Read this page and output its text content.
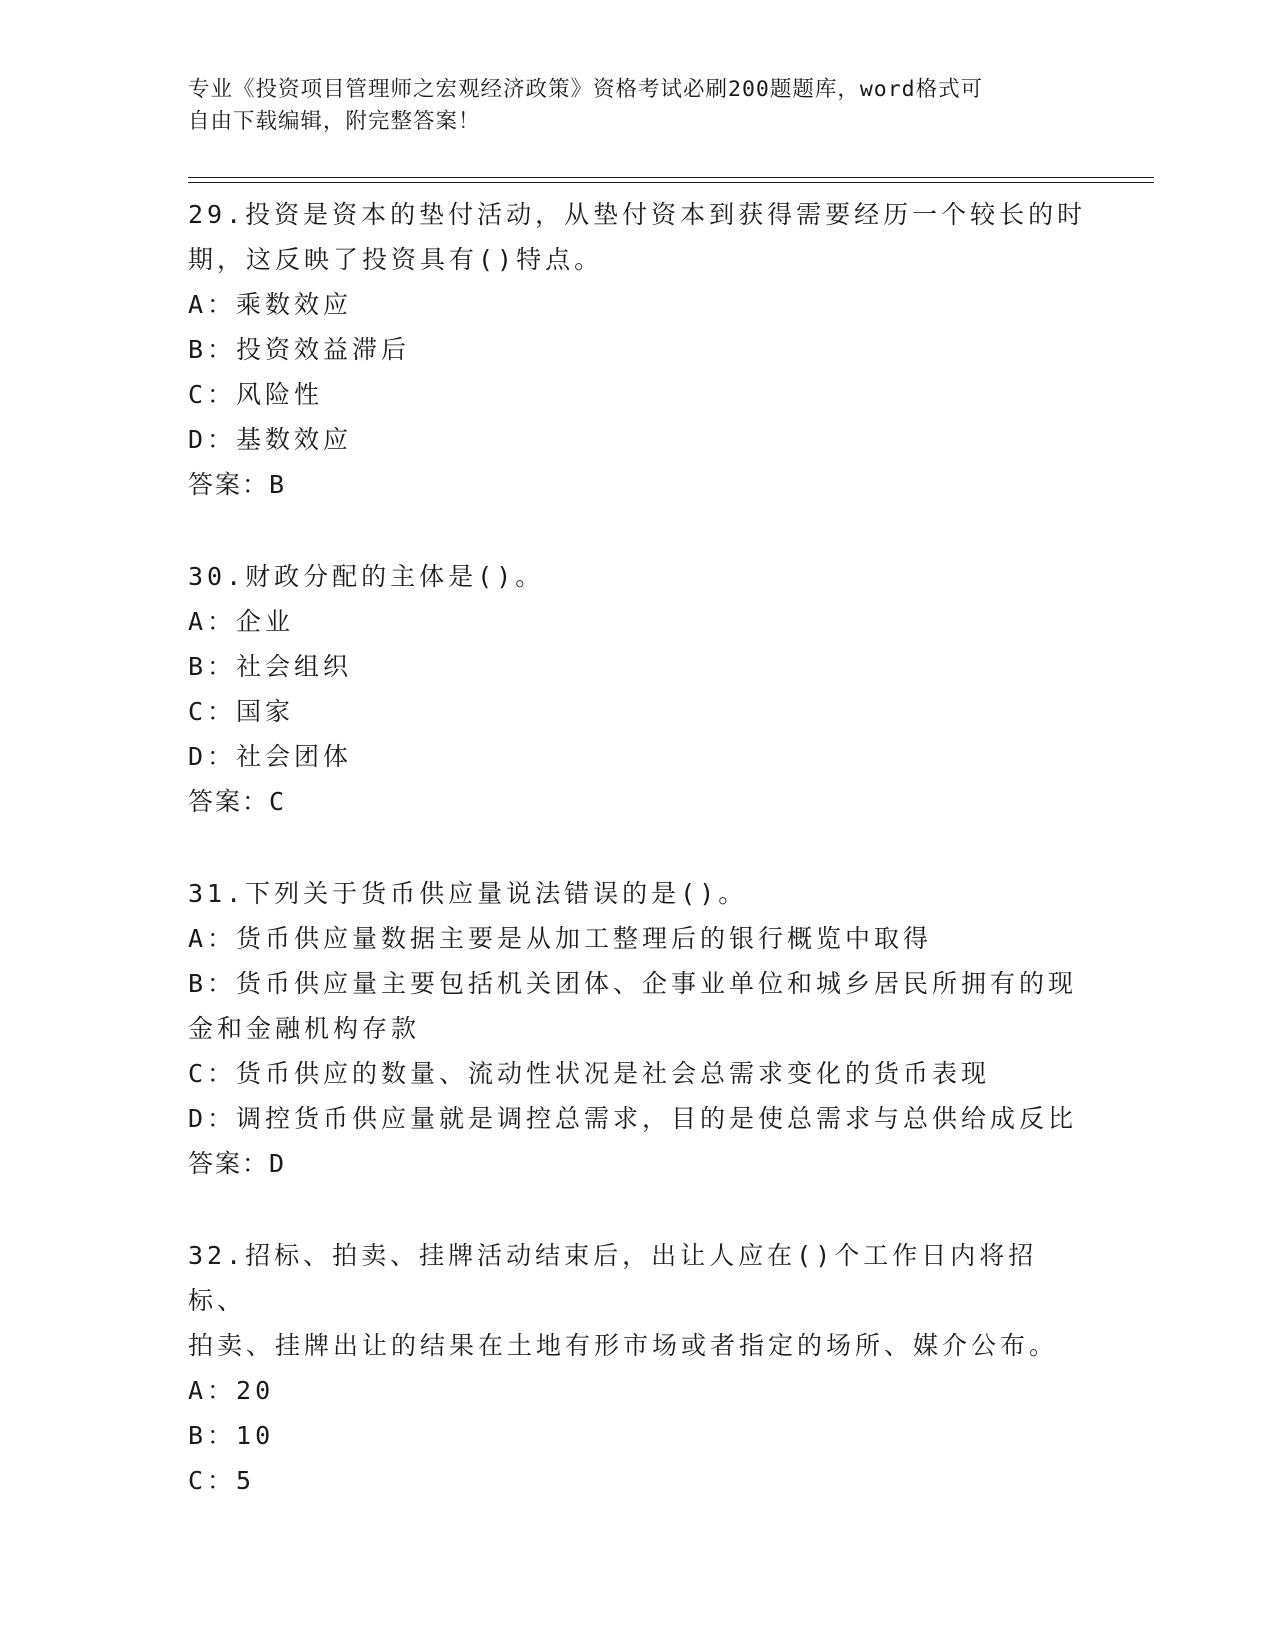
专业《投资项目管理师之宏观经济政策》资格考试必刷200题题库，word格式可
自由下载编辑，附完整答案！

29.投资是资本的垫付活动，从垫付资本到获得需要经历一个较长的时

期，这反映了投资具有()特点。

A：乘数效应

B：投资效益滞后

C：风险性

D：基数效应

答案：B

30.财政分配的主体是()。

A：企业

B：社会组织

C：国家

D：社会团体

答案：C

31.下列关于货币供应量说法错误的是()。

A：货币供应量数据主要是从加工整理后的银行概览中取得

B：货币供应量主要包括机关团体、企事业单位和城乡居民所拥有的现

金和金融机构存款

C：货币供应的数量、流动性状况是社会总需求变化的货币表现

D：调控货币供应量就是调控总需求，目的是使总需求与总供给成反比

答案：D

32.招标、拍卖、挂牌活动结束后，出让人应在()个工作日内将招标、

拍卖、挂牌出让的结果在土地有形市场或者指定的场所、媒介公布。

A：20

B：10

C：5
